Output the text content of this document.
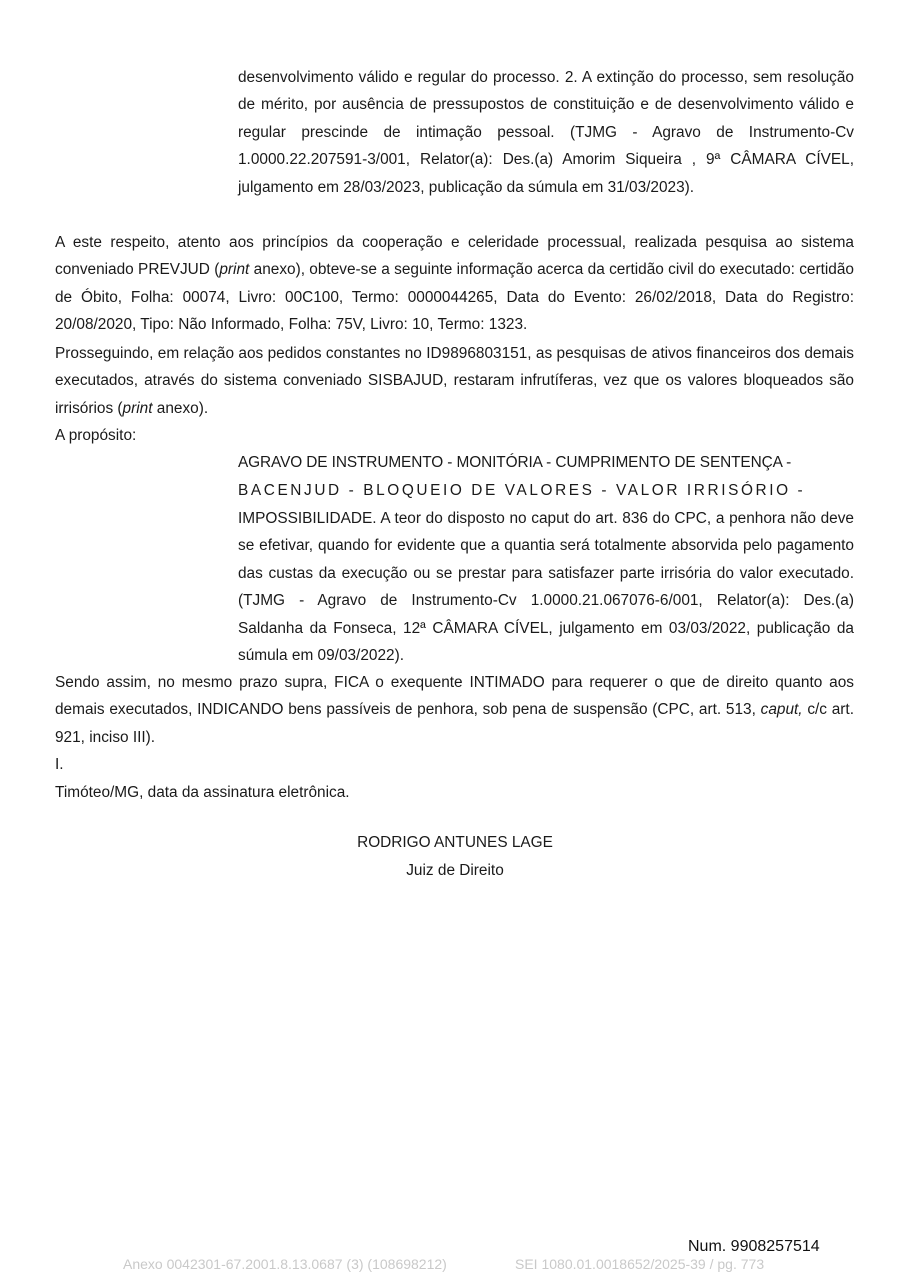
desenvolvimento válido e regular do processo. 2. A extinção do processo, sem resolução de mérito, por ausência de pressupostos de constituição e de desenvolvimento válido e regular prescinde de intimação pessoal. (TJMG - Agravo de Instrumento-Cv 1.0000.22.207591-3/001, Relator(a): Des.(a) Amorim Siqueira , 9ª CÂMARA CÍVEL, julgamento em 28/03/2023, publicação da súmula em 31/03/2023).

A este respeito, atento aos princípios da cooperação e celeridade processual, realizada pesquisa ao sistema conveniado PREVJUD (print anexo), obteve-se a seguinte informação acerca da certidão civil do executado: certidão de Óbito, Folha: 00074, Livro: 00C100, Termo: 0000044265, Data do Evento: 26/02/2018, Data do Registro: 20/08/2020, Tipo: Não Informado, Folha: 75V, Livro: 10, Termo: 1323.

Prosseguindo, em relação aos pedidos constantes no ID9896803151, as pesquisas de ativos financeiros dos demais executados, através do sistema conveniado SISBAJUD, restaram infrutíferas, vez que os valores bloqueados são irrisórios (print anexo).

A propósito:

AGRAVO DE INSTRUMENTO - MONITÓRIA - CUMPRIMENTO DE SENTENÇA -

BACENJUD - BLOQUEIO DE VALORES - VALOR IRRISÓRIO -

IMPOSSIBILIDADE. A teor do disposto no caput do art. 836 do CPC, a penhora não deve se efetivar, quando for evidente que a quantia será totalmente absorvida pelo pagamento das custas da execução ou se prestar para satisfazer parte irrisória do valor executado. (TJMG - Agravo de Instrumento-Cv 1.0000.21.067076-6/001, Relator(a): Des.(a) Saldanha da Fonseca, 12ª CÂMARA CÍVEL, julgamento em 03/03/2022, publicação da súmula em 09/03/2022).

Sendo assim, no mesmo prazo supra, FICA o exequente INTIMADO para requerer o que de direito quanto aos demais executados, INDICANDO bens passíveis de penhora, sob pena de suspensão (CPC, art. 513, caput, c/c art. 921, inciso III).

I.

Timóteo/MG, data da assinatura eletrônica.

RODRIGO ANTUNES LAGE

Juiz de Direito

Num. 9908257514
Anexo 0042301-67.2001.8.13.0687 (3) (108698212)	SEI 1080.01.0018652/2025-39 / pg. 773
